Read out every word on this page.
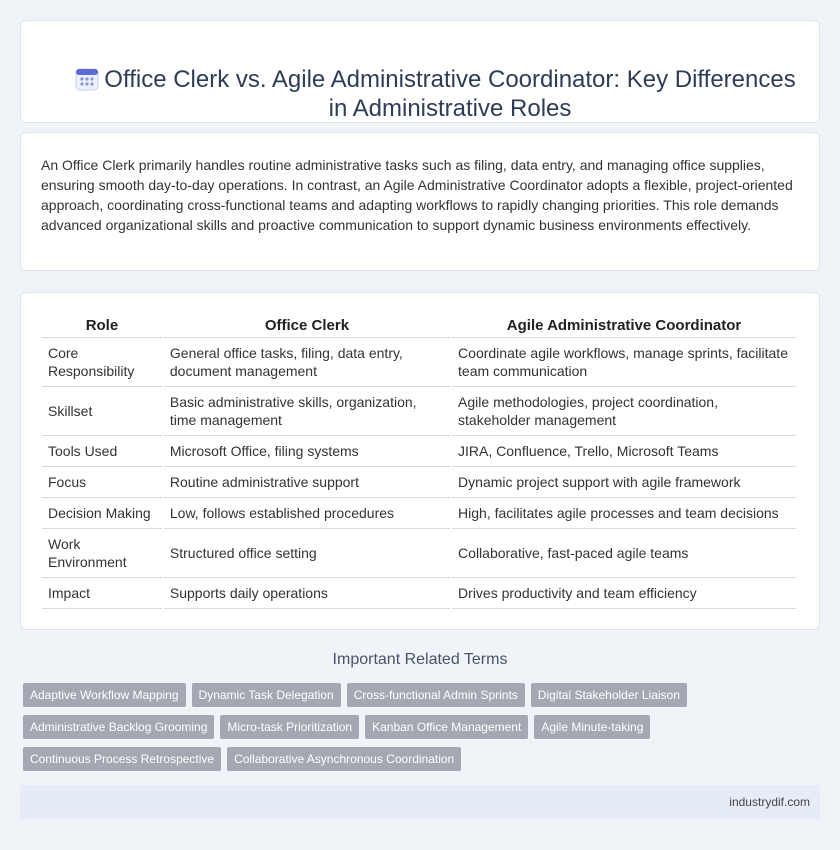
Office Clerk vs. Agile Administrative Coordinator: Key Differences in Administrative Roles

An Office Clerk primarily handles routine administrative tasks such as filing, data entry, and managing office supplies, ensuring smooth day-to-day operations. In contrast, an Agile Administrative Coordinator adopts a flexible, project-oriented approach, coordinating cross-functional teams and adapting workflows to rapidly changing priorities. This role demands advanced organizational skills and proactive communication to support dynamic business environments effectively.

Role	Office Clerk	Agile Administrative Coordinator
Core Responsibility	General office tasks, filing, data entry, document management	Coordinate agile workflows, manage sprints, facilitate team communication
Skillset	Basic administrative skills, organization, time management	Agile methodologies, project coordination, stakeholder management
Tools Used	Microsoft Office, filing systems	JIRA, Confluence, Trello, Microsoft Teams
Focus	Routine administrative support	Dynamic project support with agile framework
Decision Making	Low, follows established procedures	High, facilitates agile processes and team decisions
Work Environment	Structured office setting	Collaborative, fast-paced agile teams
Impact	Supports daily operations	Drives productivity and team efficiency
Important Related Terms
Adaptive Workflow Mapping	Dynamic Task Delegation	Cross-functional Admin Sprints	Digital Stakeholder Liaison
Administrative Backlog Grooming	Micro-task Prioritization	Kanban Office Management	Agile Minute-taking
Continuous Process Retrospective	Collaborative Asynchronous Coordination
industrydif.com
